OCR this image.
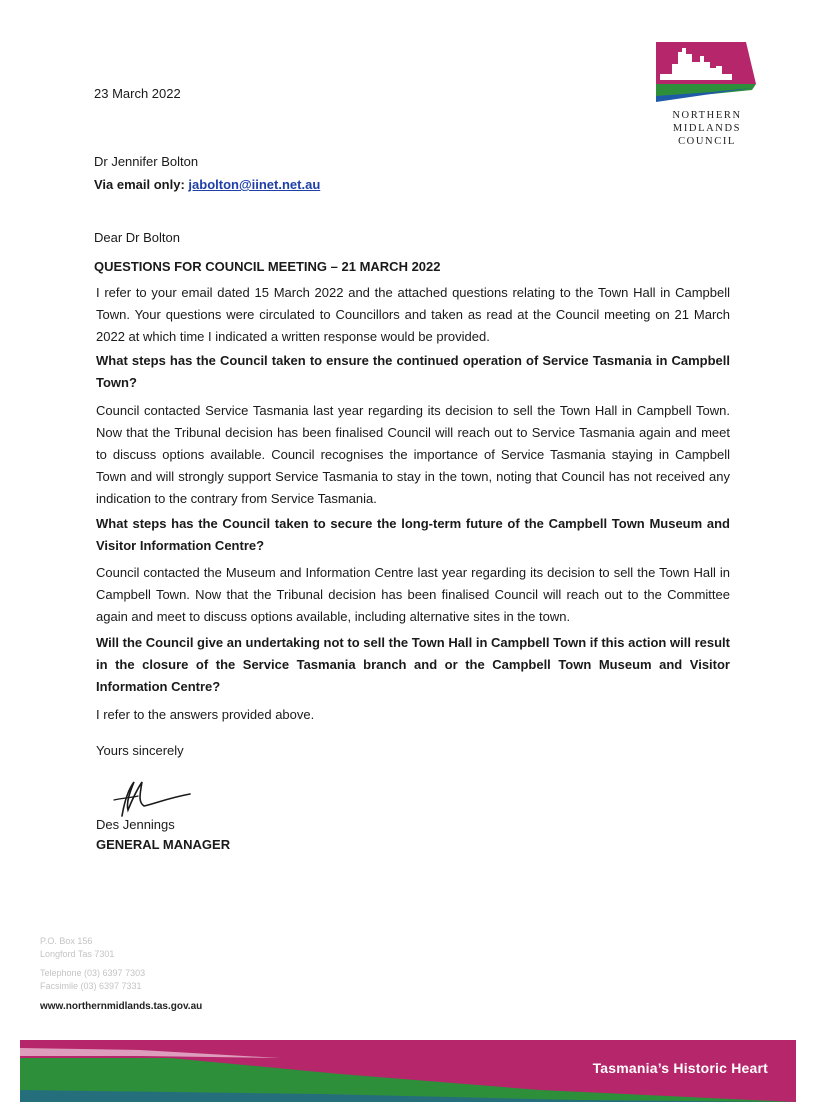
NORTHERN
MIDLANDS
COUNCIL
23 March 2022
Dr Jennifer Bolton
Via email only: jabolton@iinet.net.au
Dear Dr Bolton
QUESTIONS FOR COUNCIL MEETING – 21 MARCH 2022
I refer to your email dated 15 March 2022 and the attached questions relating to the Town Hall in Campbell Town. Your questions were circulated to Councillors and taken as read at the Council meeting on 21 March 2022 at which time I indicated a written response would be provided.
What steps has the Council taken to ensure the continued operation of Service Tasmania in Campbell Town?
Council contacted Service Tasmania last year regarding its decision to sell the Town Hall in Campbell Town. Now that the Tribunal decision has been finalised Council will reach out to Service Tasmania again and meet to discuss options available. Council recognises the importance of Service Tasmania staying in Campbell Town and will strongly support Service Tasmania to stay in the town, noting that Council has not received any indication to the contrary from Service Tasmania.
What steps has the Council taken to secure the long-term future of the Campbell Town Museum and Visitor Information Centre?
Council contacted the Museum and Information Centre last year regarding its decision to sell the Town Hall in Campbell Town. Now that the Tribunal decision has been finalised Council will reach out to the Committee again and meet to discuss options available, including alternative sites in the town.
Will the Council give an undertaking not to sell the Town Hall in Campbell Town if this action will result in the closure of the Service Tasmania branch and or the Campbell Town Museum and Visitor Information Centre?
I refer to the answers provided above.
Yours sincerely
Des Jennings
GENERAL MANAGER
P.O. Box 156
Longford Tas 7301
Telephone (03) 6397 7303
Facsimile (03) 6397 7331
www.northernmidlands.tas.gov.au
Tasmania’s Historic Heart
